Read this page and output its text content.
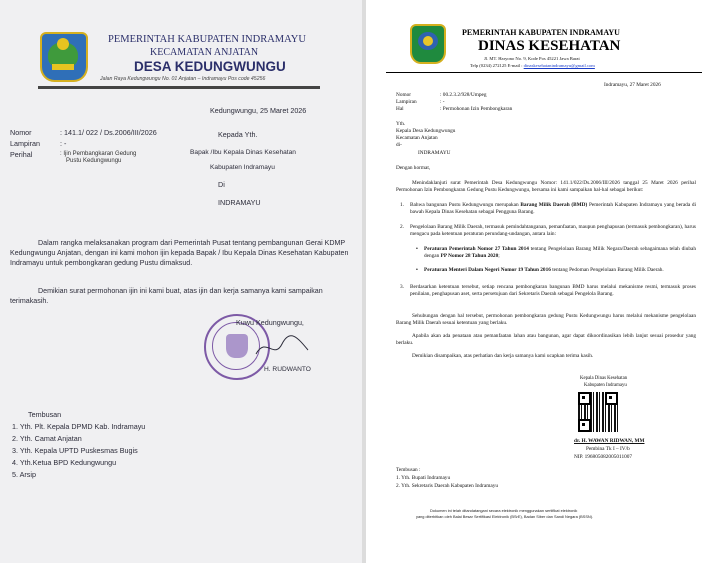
PEMERINTAH KABUPATEN INDRAMAYU
KECAMATAN ANJATAN
DESA KEDUNGWUNGU
Jalan Raya Kedungwungu No. 01 Anjatan – Indramayu Pos code 45256
Kedungwungu, 25 Maret 2026
Nomor	: 141.1/ 022 / Ds.2006/III/2026
Lampiran	: -
Perihal	: Ijin Pembangkaran Gedung
Pustu Kedungwungu
Kepada Yth.
Bapak /Ibu Kepala Dinas Kesehatan
Kabupaten Indramayu
Di
INDRAMAYU
Dalam rangka melaksanakan program dari Pemerintah Pusat tentang pembangunan Gerai KDMP Kedungwungu Anjatan, dengan ini kami mohon ijin kepada Bapak / Ibu Kepala Dinas Kesehatan Kabupaten Indramayu untuk pembongkaran gedung Pustu dimaksud.
Demikian surat permohonan ijin ini kami buat, atas ijin dan kerja samanya kami sampaikan terimakasih.
Kuwu Kedungwungu,
H. RUDWANTO
Tembusan
1. Yth. Plt. Kepala DPMD Kab. Indramayu
2. Yth. Camat Anjatan
3. Yth. Kepala UPTD Puskesmas Bugis
4. Yth.Ketua BPD Kedungwungu
5. Arsip
PEMERINTAH KABUPATEN INDRAMAYU
DINAS KESEHATAN
Jl. MT. Haryono No. 9, Kode Pos 45221 Jawa Barat
Telp (0234) 272125 E-mail : dinaskesehatanindramayu@gmail.com
Indramayu, 27 Maret 2026
Nomor	: 00.2.3.2/928/Umpeg
Lampiran	: -
Hal	: Permohonan Izin Pembongkaran
Yth.
Kepala Desa Kedungwungu
Kecamatan Anjatan
di-
INDRAMAYU
Dengan hormat,
Menindaklanjuti surat Pemerintah Desa Kedungwungu Nomor: 141.1/022/Ds.2006/III/2026 tanggal 25 Maret 2026 perihal Permohonan Izin Pembongkaran Gedung Pustu Kedungwungu, bersama ini kami sampaikan hal-hal sebagai berikut:
1. Bahwa bangunan Pustu Kedungwungu merupakan Barang Milik Daerah (BMD) Pemerintah Kabupaten Indramayu yang berada di bawah Kepala Dinas Kesehatan sebagai Pengguna Barang.
2. Pengelolaan Barang Milik Daerah, termasuk pemindahtanganan, pemanfaatan, maupun penghapusan (termasuk pembongkaran), harus mengacu pada ketentuan peraturan perundang-undangan, antara lain:
• Peraturan Pemerintah Nomor 27 Tahun 2014 tentang Pengelolaan Barang Milik Negara/Daerah sebagaimana telah diubah dengan PP Nomor 28 Tahun 2020;
• Peraturan Menteri Dalam Negeri Nomor 19 Tahun 2016 tentang Pedoman Pengelolaan Barang Milik Daerah.
3. Berdasarkan ketentuan tersebut, setiap rencana pembongkaran bangunan BMD harus melalui mekanisme resmi, termasuk proses penilaian, penghapusan aset, serta persetujuan dari Sekretaris Daerah sebagai Pengelola Barang.
Sehubungan dengan hal tersebut, permohonan pembongkaran gedung Pustu Kedungwungu harus melalui mekanisme pengelolaan Barang Milik Daerah sesuai ketentuan yang berlaku.
Apabila akan ada penataan atau pemanfaatan lahan atau bangunan, agar dapat dikoordinasikan lebih lanjut sesuai prosedur yang berlaku.
Demikian disampaikan, atas perhatian dan kerja samanya kami ucapkan terima kasih.
Kepala Dinas Kesehatan
Kabupaten Indramayu
dr. H. WAWAN RIDWAN, MM
Pembina Tk I – IV/b
NIP. 196805082005011007
Tembusan :
1. Yth. Bupati Indramayu
2. Yth. Sekretaris Daerah Kabupaten Indramayu
Dokumen ini telah ditandatangani secara elektronik menggunakan sertifikat elektronik
yang diterbitkan oleh Balai Besar Sertifikasi Elektronik (BSrE), Badan Siber dan Sandi Negara (BSSN).
